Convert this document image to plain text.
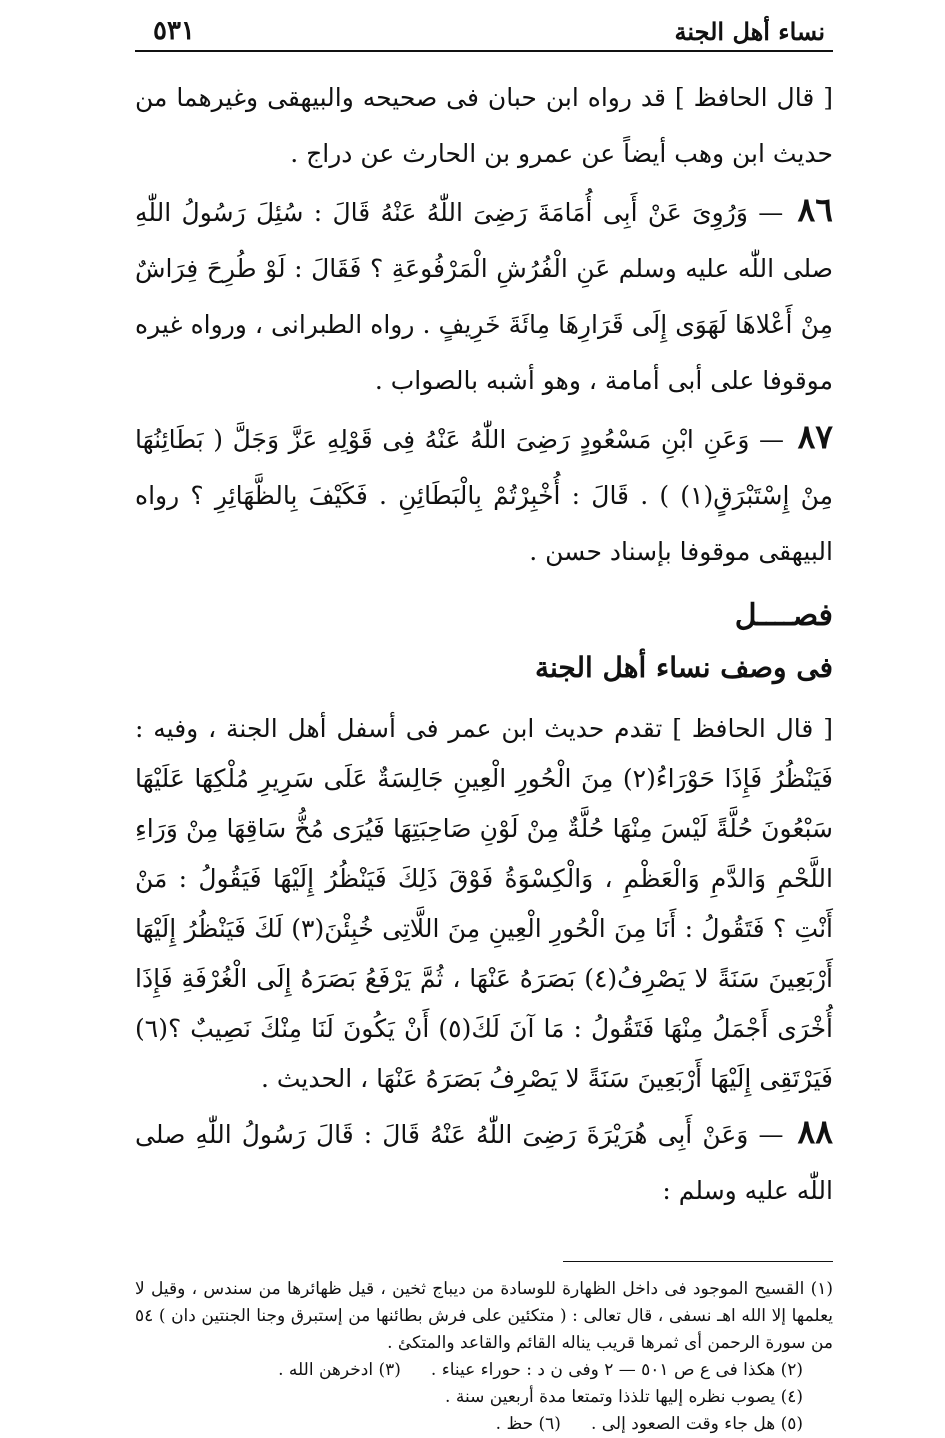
نساء أهل الجنة
٥٣١

[ قال الحافظ ] قد رواه ابن حبان فى صحيحه والبيهقى وغيرهما من حديث ابن وهب أيضاً عن عمرو بن الحارث عن دراج .

٨٦ — وَرُوِىَ عَنْ أَبِى أُمَامَةَ رَضِىَ اللّٰهُ عَنْهُ قَالَ : سُئِلَ رَسُولُ اللّٰهِ صلى اللّٰه عليه وسلم عَنِ الْفُرُشِ الْمَرْفُوعَةِ ؟ فَقَالَ : لَوْ طُرِحَ فِرَاشٌ مِنْ أَعْلاهَا لَهَوَى إِلَى قَرَارِهَا مِائَةَ خَرِيفٍ . رواه الطبرانى ، ورواه غيره موقوفا على أبى أمامة ، وهو أشبه بالصواب .

٨٧ — وَعَنِ ابْنِ مَسْعُودٍ رَضِىَ اللّٰهُ عَنْهُ فِى قَوْلِهِ عَزَّ وَجَلَّ ( بَطَائِنُهَا مِنْ إِسْتَبْرَقٍ(١) ) . قَالَ : أُخْبِرْتُمْ بِالْبَطَائِنِ . فَكَيْفَ بِالظَّهَائِرِ ؟ رواه البيهقى موقوفا بإسناد حسن .

فصــــل
فى وصف نساء أهل الجنة

[ قال الحافظ ] تقدم حديث ابن عمر فى أسفل أهل الجنة ، وفيه : فَيَنْظُرُ فَإِذَا حَوْرَاءُ(٢) مِنَ الْحُورِ الْعِينِ جَالِسَةٌ عَلَى سَرِيرِ مُلْكِهَا عَلَيْهَا سَبْعُونَ حُلَّةً لَيْسَ مِنْهَا حُلَّةٌ مِنْ لَوْنِ صَاحِبَتِهَا فَيُرَى مُخُّ سَاقِهَا مِنْ وَرَاءِ اللَّحْمِ وَالدَّمِ وَالْعَظْمِ ، وَالْكِسْوَةُ فَوْقَ ذَلِكَ فَيَنْظُرُ إِلَيْهَا فَيَقُولُ : مَنْ أَنْتِ ؟ فَتَقُولُ : أَنَا مِنَ الْحُورِ الْعِينِ مِنَ اللَّاتِى خُبِئْنَ(٣) لَكَ فَيَنْظُرُ إِلَيْهَا أَرْبَعِينَ سَنَةً لا يَصْرِفُ(٤) بَصَرَهُ عَنْهَا ، ثُمَّ يَرْفَعُ بَصَرَهُ إِلَى الْغُرْفَةِ فَإِذَا أُخْرَى أَجْمَلُ مِنْهَا فَتَقُولُ : مَا آنَ لَكَ(٥) أَنْ يَكُونَ لَنَا مِنْكَ نَصِيبٌ ؟(٦) فَيَرْتَقِى إِلَيْهَا أَرْبَعِينَ سَنَةً لا يَصْرِفُ بَصَرَهُ عَنْهَا ، الحديث .

٨٨ — وَعَنْ أَبِى هُرَيْرَةَ رَضِىَ اللّٰهُ عَنْهُ قَالَ : قَالَ رَسُولُ اللّٰهِ صلى اللّٰه عليه وسلم :

(١) القسيح الموجود فى داخل الظهارة للوسادة من ديباج ثخين ، قيل ظهائرها من سندس ، وقيل لا يعلمها إلا الله اهـ نسفى ، قال تعالى : ( متكئين على فرش بطائنها من إستبرق وجنا الجنتين دان ) ٥٤ من سورة الرحمن أى ثمرها قريب يناله القائم والقاعد والمتكئ .

(٢) هكذا فى ع ص ٥٠١ — ٢ وفى ن د : حوراء عيناء .
(٣) ادخرهن الله .
(٤) يصوب نظره إليها تلذذا وتمتعا مدة أربعين سنة .
(٥) هل جاء وقت الصعود إلى .
(٦) حظ .
